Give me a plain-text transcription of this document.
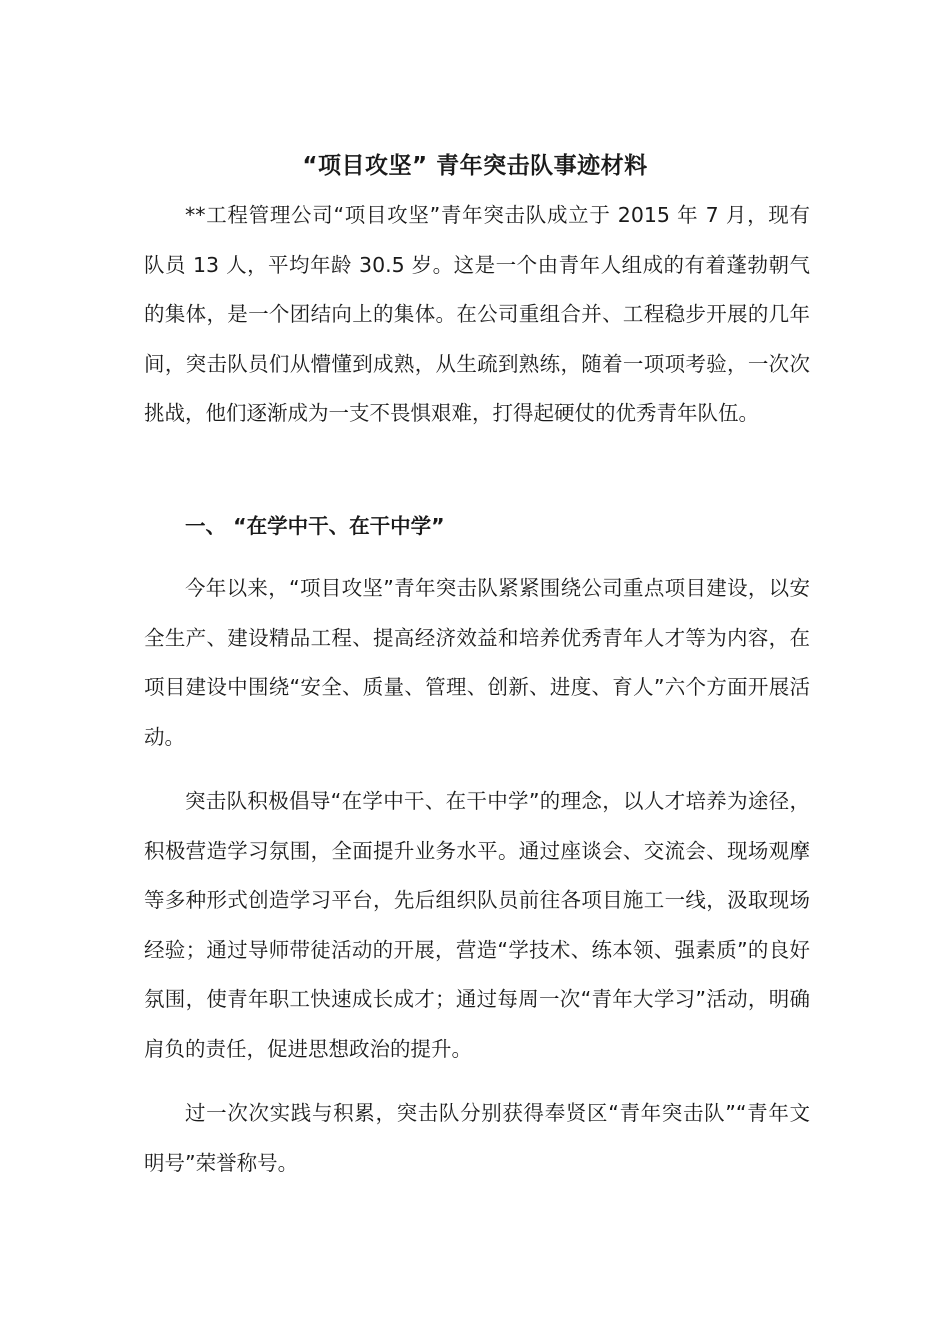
“项目攻坚” 青年突击队事迹材料

**工程管理公司“项目攻坚”青年突击队成立于 2015 年 7 月，现有队员 13 人，平均年龄 30.5 岁。这是一个由青年人组成的有着蓬勃朝气的集体，是一个团结向上的集体。在公司重组合并、工程稳步开展的几年间，突击队员们从懵懂到成熟，从生疏到熟练，随着一项项考验，一次次挑战，他们逐渐成为一支不畏惧艰难，打得起硬仗的优秀青年队伍。

一、 “在学中干、在干中学”

今年以来，“项目攻坚”青年突击队紧紧围绕公司重点项目建设，以安全生产、建设精品工程、提高经济效益和培养优秀青年人才等为内容，在项目建设中围绕“安全、质量、管理、创新、进度、育人”六个方面开展活动。

突击队积极倡导“在学中干、在干中学”的理念，以人才培养为途径，积极营造学习氛围，全面提升业务水平。通过座谈会、交流会、现场观摩等多种形式创造学习平台，先后组织队员前往各项目施工一线，汲取现场经验；通过导师带徒活动的开展，营造“学技术、练本领、强素质”的良好氛围，使青年职工快速成长成才；通过每周一次“青年大学习”活动，明确肩负的责任，促进思想政治的提升。

过一次次实践与积累，突击队分别获得奉贤区“青年突击队”“青年文明号”荣誉称号。
